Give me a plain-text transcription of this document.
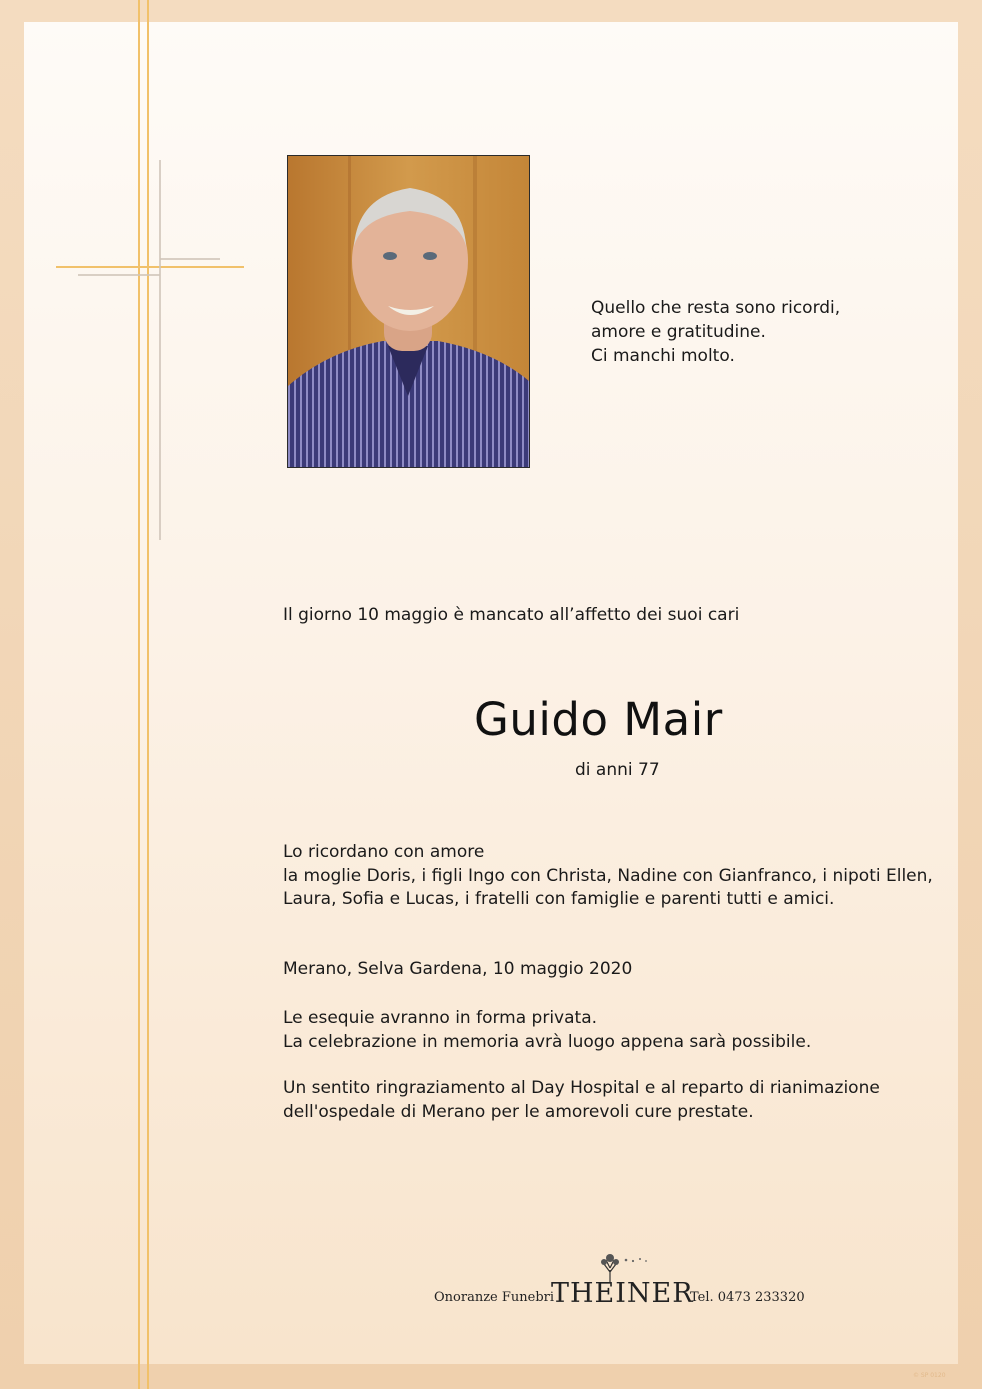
Quello che resta sono ricordi,
amore e gratitudine.
Ci manchi molto.
Il giorno 10 maggio è mancato all’affetto dei suoi cari
Guido Mair
di anni 77
Lo ricordano con amore
la moglie Doris, i figli Ingo con Christa, Nadine con Gianfranco, i nipoti Ellen,
Laura, Sofia e Lucas, i fratelli con famiglie e parenti tutti e amici.
Merano, Selva Gardena, 10 maggio 2020
Le esequie avranno in forma privata.
La celebrazione in memoria avrà luogo appena sarà possibile.
Un sentito ringraziamento al Day Hospital e al reparto di rianimazione
dell'ospedale di Merano per le amorevoli cure prestate.
Onoranze Funebri
THEINER
Tel. 0473 233320
© SP 0120
